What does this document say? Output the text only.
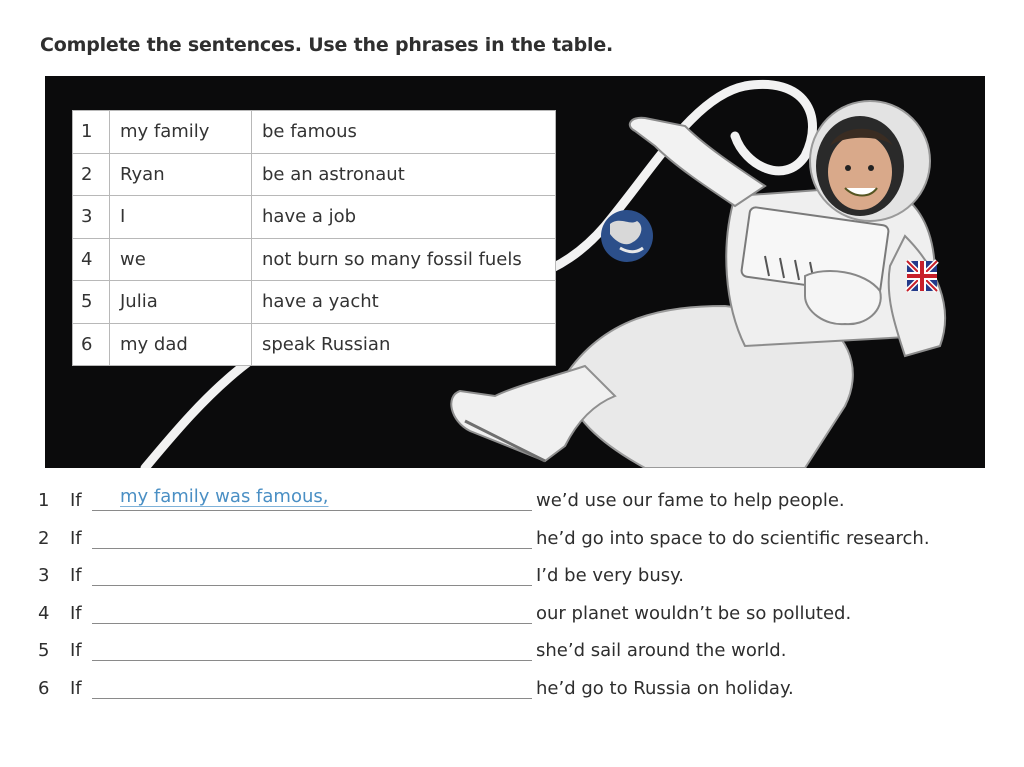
Complete the sentences. Use the phrases in the table.
1	my family	be famous
2	Ryan	be an astronaut
3	I	have a job
4	we	not burn so many fossil fuels
5	Julia	have a yacht
6	my dad	speak Russian
1 If my family was famous,	we’d use our fame to help people.
2 If	he’d go into space to do scientific research.
3 If	I’d be very busy.
4 If	our planet wouldn’t be so polluted.
5 If	she’d sail around the world.
6 If	he’d go to Russia on holiday.
